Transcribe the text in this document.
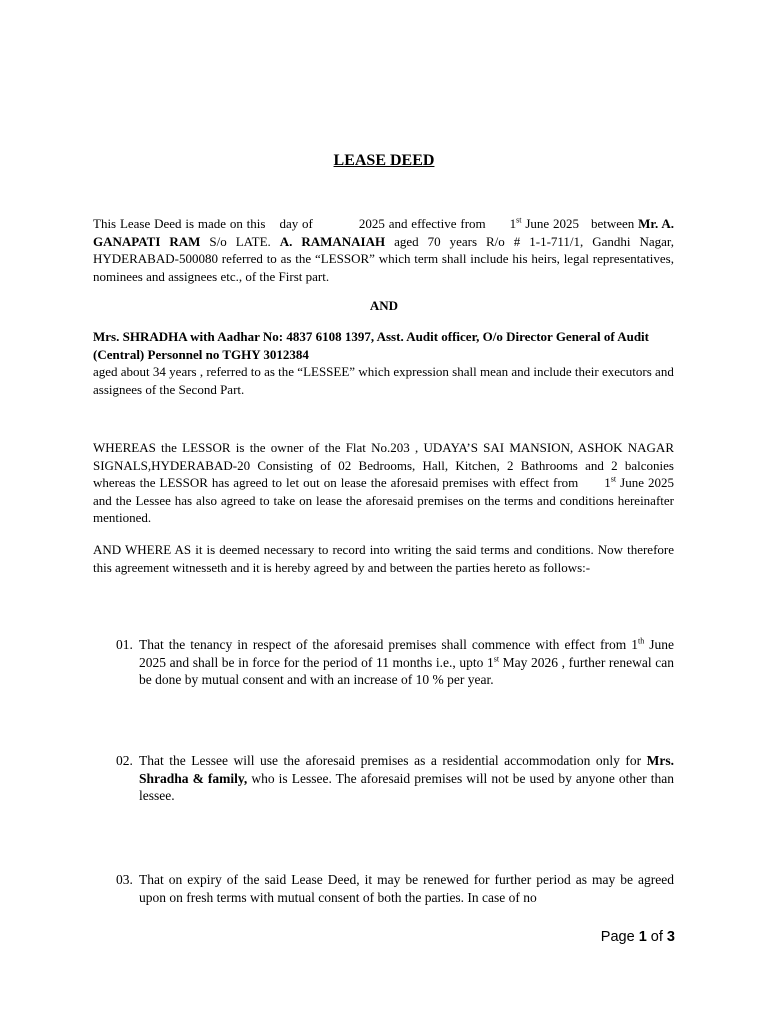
LEASE DEED

This Lease Deed is made on this day of	2025 and effective from 1st June 2025 between Mr. A. GANAPATI RAM S/o LATE. A. RAMANAIAH aged 70 years R/o # 1-1-711/1, Gandhi Nagar, HYDERABAD-500080 referred to as the “LESSOR” which term shall include his heirs, legal representatives, nominees and assignees etc., of the First part.

AND

Mrs. SHRADHA with Aadhar No: 4837 6108 1397, Asst. Audit officer, O/o Director General of Audit (Central) Personnel no TGHY 3012384
aged about 34 years , referred to as the “LESSEE” which expression shall mean and include their executors and assignees of the Second Part.

WHEREAS the LESSOR is the owner of the Flat No.203 , UDAYA’S SAI MANSION, ASHOK NAGAR SIGNALS,HYDERABAD-20 Consisting of 02 Bedrooms, Hall, Kitchen, 2 Bathrooms and 2 balconies whereas the LESSOR has agreed to let out on lease the aforesaid premises with effect from 1st June 2025 and the Lessee has also agreed to take on lease the aforesaid premises on the terms and conditions hereinafter mentioned.

AND WHERE AS it is deemed necessary to record into writing the said terms and conditions. Now therefore this agreement witnesseth and it is hereby agreed by and between the parties hereto as follows:-

01. That the tenancy in respect of the aforesaid premises shall commence with effect from 1th June 2025 and shall be in force for the period of 11 months i.e., upto 1st May 2026 , further renewal can be done by mutual consent and with an increase of 10 % per year.
02. That the Lessee will use the aforesaid premises as a residential accommodation only for Mrs. Shradha & family, who is Lessee. The aforesaid premises will not be used by anyone other than lessee.
03. That on expiry of the said Lease Deed, it may be renewed for further period as may be agreed upon on fresh terms with mutual consent of both the parties. In case of no
Page 1 of 3
